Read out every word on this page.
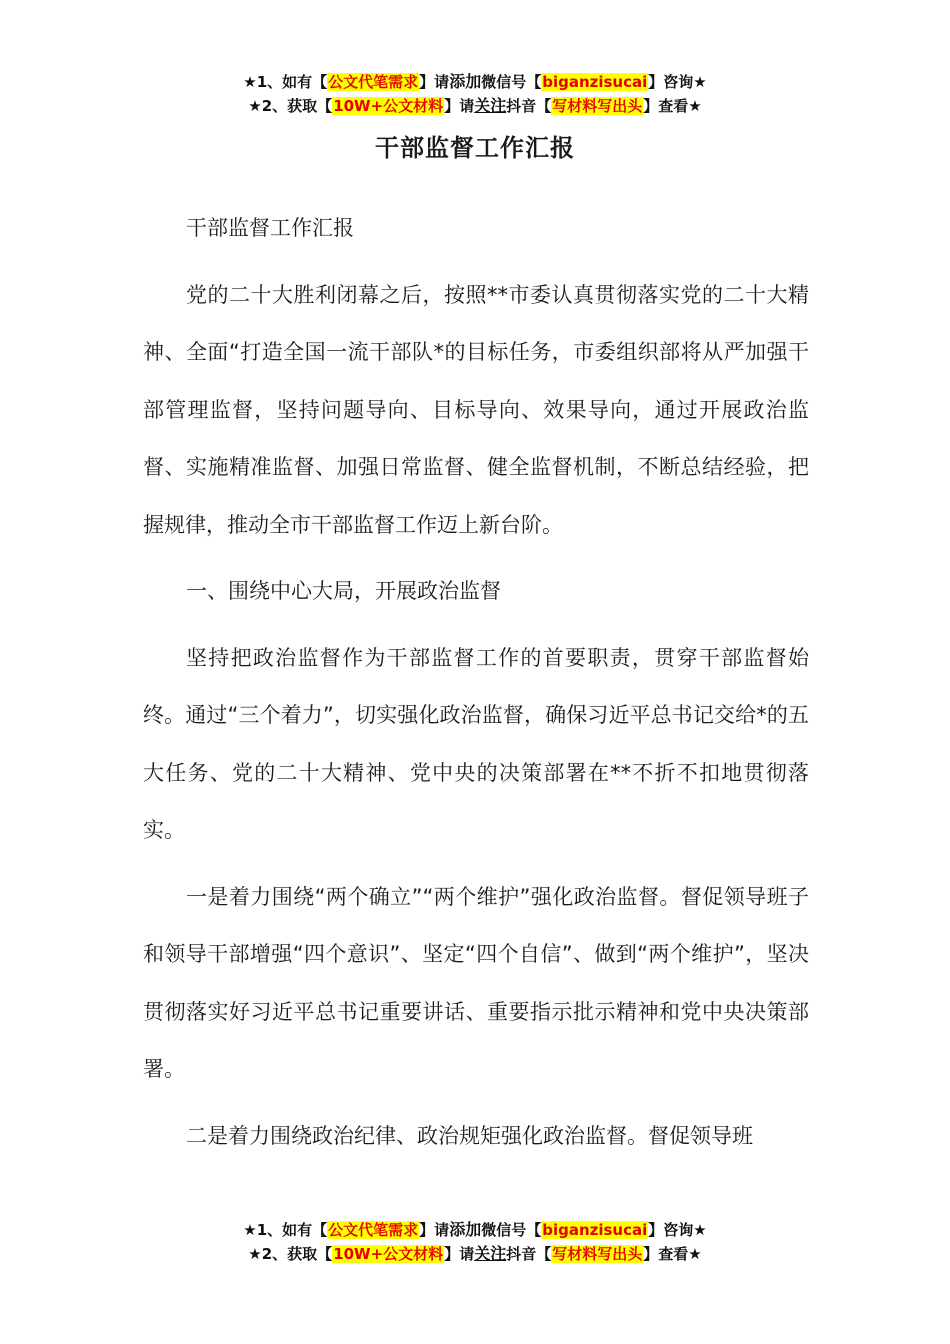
★1、如有【公文代笔需求】请添加微信号【biganzisucai】咨询★
★2、获取【10W+公文材料】请关注抖音【写材料写出头】查看★
干部监督工作汇报

干部监督工作汇报

党的二十大胜利闭幕之后，按照**市委认真贯彻落实党的二十大精神、全面“打造全国一流干部队*的目标任务，市委组织部将从严加强干部管理监督，坚持问题导向、目标导向、效果导向，通过开展政治监督、实施精准监督、加强日常监督、健全监督机制，不断总结经验，把握规律，推动全市干部监督工作迈上新台阶。

一、围绕中心大局，开展政治监督

坚持把政治监督作为干部监督工作的首要职责，贯穿干部监督始终。通过“三个着力”，切实强化政治监督，确保习近平总书记交给*的五大任务、党的二十大精神、党中央的决策部署在**不折不扣地贯彻落实。

一是着力围绕“两个确立”“两个维护”强化政治监督。督促领导班子和领导干部增强“四个意识”、坚定“四个自信”、做到“两个维护”，坚决贯彻落实好习近平总书记重要讲话、重要指示批示精神和党中央决策部署。

二是着力围绕政治纪律、政治规矩强化政治监督。督促领导班

★1、如有【公文代笔需求】请添加微信号【biganzisucai】咨询★
★2、获取【10W+公文材料】请关注抖音【写材料写出头】查看★
